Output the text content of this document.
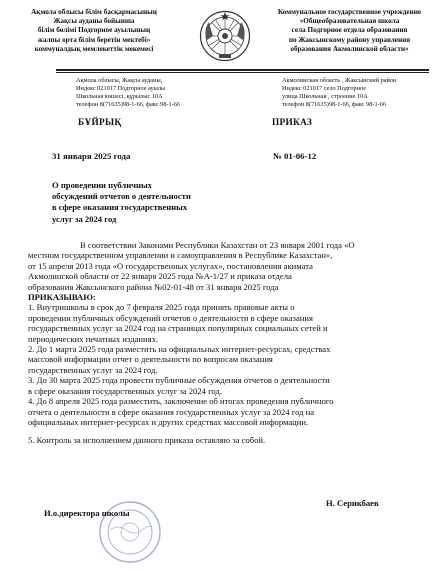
Ақмола облысы білім басқармасының
Жақсы ауданы бойынша
білім бөлімі Подгорное ауылының
жалпы орта білім беретін мектебі»
коммуналдық мемлекеттік мекемесі
Коммунальное государственное учреждение
«Общеобразовательная школа
села Подгорное отдела образования
по Жаксынскому району управления
образования Акмолинской области»
Ақмола облысы, Жақсы ауданы,
Индекс 021017 Подгорное ауылы
Школьная көшесі, құрылыс 10А
телефон 8(71635)98-1-66, факс 98-1-66
Акмолинская область , Жаксынский район
Индекс 021017 село Подгорное
улица Школьная , строение 10А
телефон 8(71635)98-1-66, факс 98-1-66
БҰЙРЫҚ	ПРИКАЗ
31 января 2025 года	№ 01-06-12
О проведении публичных
обсуждений отчетов о деятельности
в сфере оказания государственных
услуг за 2024 год
В соответствии Законами Республики Казахстан от 23 января 2001 года «О
местном государственном управлении и самоуправления в Республике Казахстан»,
от 15 апреля 2013 года «О государственных услугах», постановления акимата
Акмолинской области от 22 января 2025 года №А-1/27 и приказа отдела
образования Жаксынского района №02-01-48 от 31 января 2025 года
ПРИКАЗЫВАЮ:
1. Внутришколы в срок до 7 февраля 2025 года принять правовые акты о
проведении публичных обсуждений отчетов о деятельности в сфере оказания
государственных услуг за 2024 год на страницах популярных социальных сетей и
периодических печатных изданиях.
2. До 1 марта 2025 года разместить на официальных интернет-ресурсах, средствах
массовой информации отчет о деятельности по вопросам оказания
государственных услуг за 2024 год.
3. До 30 марта 2025 года провести публичные обсуждения отчетов о деятельности
в сфере оказания государственных услуг за 2024 год.
4. До 8 апреля 2025 года разместить, заключение об итогах проведения публичного
отчета о деятельности в сфере оказания государственных услуг за 2024 год на
официальных интернет-ресурсах и других средствах массовой информации.
5. Контроль за исполнением данного приказа оставляю за собой.
И.о.директора школы
Н. Серикбаев
